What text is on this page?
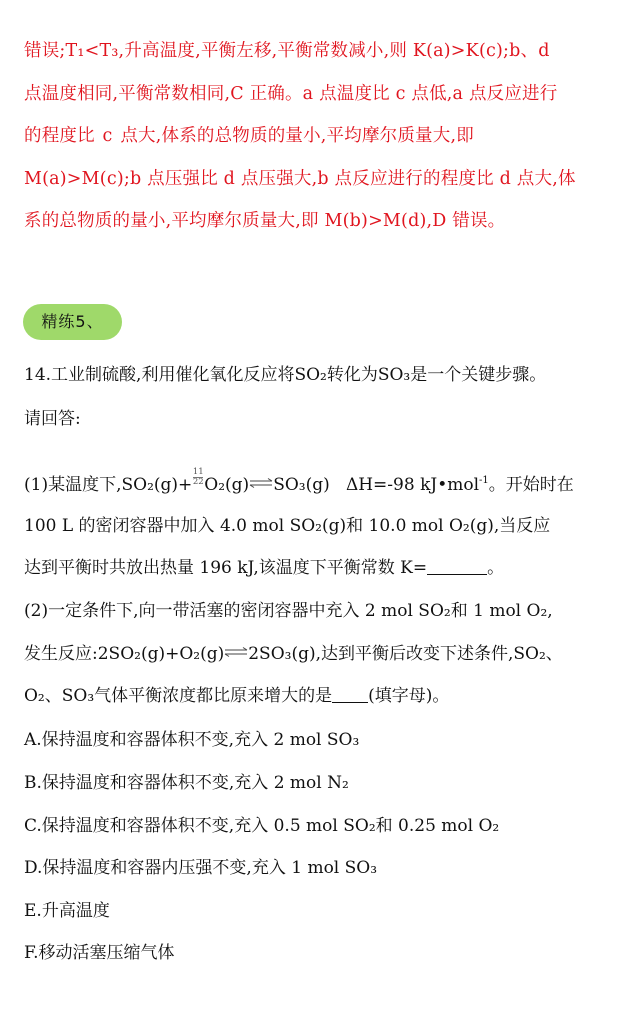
错误;T₁<T₃,升高温度,平衡左移,平衡常数减小,则 K(a)>K(c);b、d
点温度相同,平衡常数相同,C 正确。a 点温度比 c 点低,a 点反应进行
的程度比 c 点大,体系的总物质的量小,平均摩尔质量大,即
M(a)>M(c);b 点压强比 d 点压强大,b 点反应进行的程度比 d 点大,体
系的总物质的量小,平均摩尔质量大,即 M(b)>M(d),D 错误。
精练5、
14.工业制硫酸,利用催化氧化反应将SO₂转化为SO₃是一个关键步骤。
请回答:
(1)某温度下$,SO_2(g)+ \frac{11}{22}$ O₂(g)⇌SO₃(g) ΔH=-98 kJ•mol$^{-1}$。开始时在
100 L 的密闭容器中加入 4.0 mol SO₂(g)和 10.0 mol O₂(g),当反应
达到平衡时共放出热量 196 kJ,该温度下平衡常数 K=	。
(2)一定条件下,向一带活塞的密闭容器中充入 2 mol SO₂和 1 mol O₂,
发生反应:2SO₂(g)+O₂(g)⇌2SO₃(g),达到平衡后改变下述条件,SO₂、
O₂、SO₃气体平衡浓度都比原来增大的是 (填字母)。
A.保持温度和容器体积不变,充入 2 mol SO₃
B.保持温度和容器体积不变,充入 2 mol N₂
C.保持温度和容器体积不变,充入 0.5 mol SO₂和 0.25 mol O₂
D.保持温度和容器内压强不变,充入 1 mol SO₃
E.升高温度
F.移动活塞压缩气体
